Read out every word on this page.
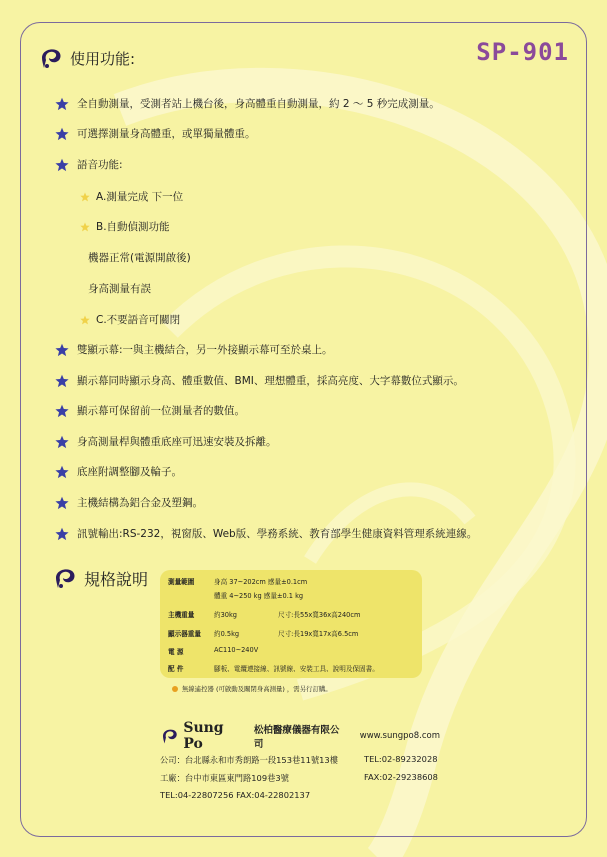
SP-901
使用功能:
全自動測量，受測者站上機台後，身高體重自動測量，約 2 ～ 5 秒完成測量。
可選擇測量身高體重，或單獨量體重。
語音功能:
A.測量完成 下一位
B.自動偵測功能
機器正常(電源開啟後)
身高測量有誤
C.不要語音可關閉
雙顯示幕:一與主機結合，另一外接顯示幕可至於桌上。
顯示幕同時顯示身高、體重數值、BMI、理想體重，採高亮度、大字幕數位式顯示。
顯示幕可保留前一位測量者的數值。
身高測量桿與體重底座可迅速安裝及拆離。
底座附調整腳及輪子。
主機結構為鋁合金及塑鋼。
訊號輸出:RS-232，視窗版、Web版、學務系統、教育部學生健康資料管理系統連線。
規格說明	測量範圍	身高 37~202cm 感量±0.1cm
體重 4~250 kg 感量±0.1 kg
主機重量	約30kg	尺寸:長55x寬36x高240cm
顯示器重量	約0.5kg	尺寸:長19x寬17x高6.5cm
電 源	AC110~240V
配 件	腳板、電纜連接線、訊號線、安裝工具、說明及保固書。
無線遙控器 (可啟動及關閉身高測量) ，需另行訂購。
Sung Po
松柏醫療儀器有限公司
www.sungpo8.com
公司：台北縣永和市秀朗路一段153巷11號13樓	TEL:02-89232028
工廠：台中市東區東門路109巷3號	FAX:02-29238608
TEL:04-22807256 FAX:04-22802137
